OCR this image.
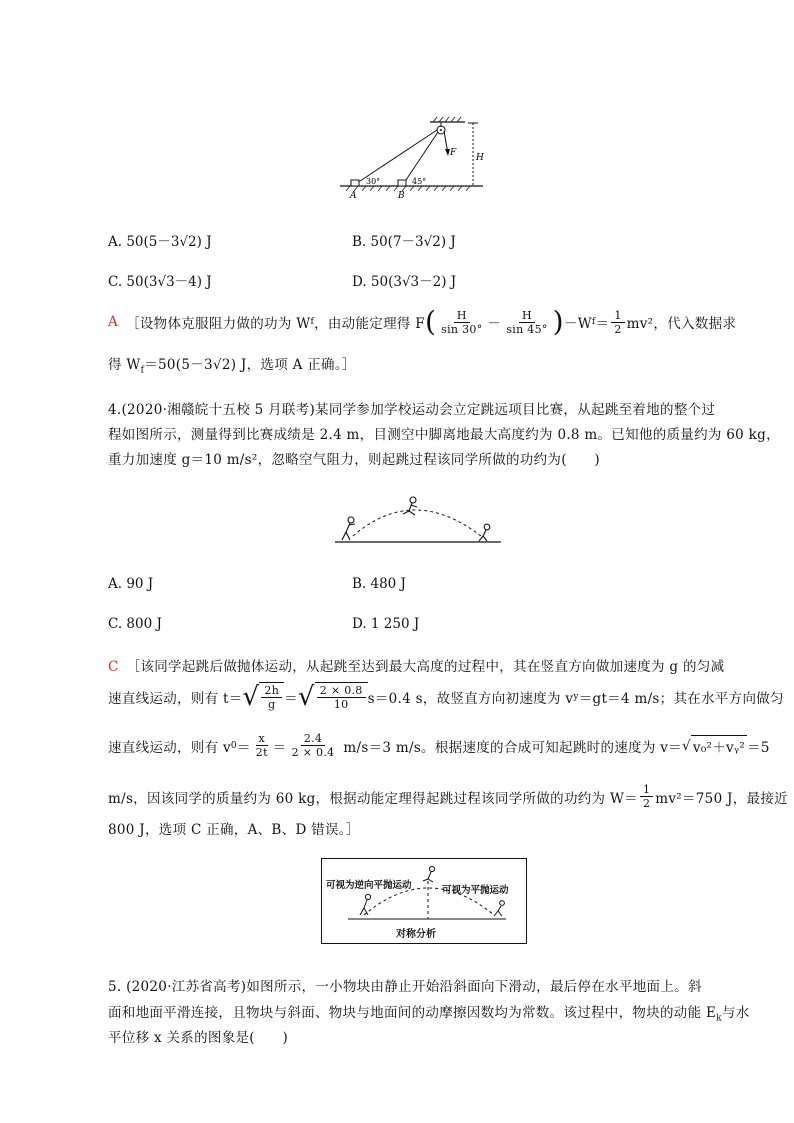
F H
30°	45°
A	B
A. 50(5－3√2) J	B. 50(7－3√2) J
C. 50(3√3－4) J	D. 50(3√3－2) J
A ［设物体克服阻力做的功为 W f ，由动能定理得 F ( $\frac{H}{\sin 30^\circ} - \frac{H}{\sin 45^\circ}$ ) －W $f = \frac{1}{2} mv^2$，代入数据求
得 $W_f=50(5-3√2)$ J，选项 A 正确。］
4.(2020·湘赣皖十五校 5 月联考)某同学参加学校运动会立定跳远项目比赛，从起跳至着地的整个过
程如图所示，测量得到比赛成绩是 2.4 m，目测空中脚离地最大高度约为 0.8 m。已知他的质量约为 60 kg，
重力加速度 g＝10 m/s²，忽略空气阻力，则起跳过程该同学所做的功约为(　　)
A. 90 J	B. 480 J
C. 800 J	D. 1 250 J
C ［该同学起跳后做抛体运动，从起跳至达到最大高度的过程中，其在竖直方向做加速度为 g 的匀减
速直线运动，则有 t＝ √ $\frac{2h}{g}$ ＝ √ $\frac{2 \times 0.8}{10} s=0.4$ s，故竖直方向初速度为 v y ＝gt＝4 m/s；其在水平方向做匀
速直线运动，则有 v $0 = \frac{x}{2t} = \frac{2.4}{2 \times 0.4} m/s=3$ m/s。根据速度的合成可知起跳时的速度为 v＝ √ v₀²＋vᵧ² ＝5
m/s，因该同学的质量约为 60 kg，根据动能定理得起跳过程该同学所做的功约为 $W= \frac{1}{2} mv^2=750$ J，最接近
800 J，选项 C 正确，A、B、D 错误。］
可视为逆向平抛运动	可视为平抛运动
对称分析
5. (2020·江苏省高考)如图所示，一小物块由静止开始沿斜面向下滑动，最后停在水平地面上。斜
面和地面平滑连接，且物块与斜面、物块与地面间的动摩擦因数均为常数。该过程中，物块的动能 $E_k$与水
平位移 x 关系的图象是(　　)
